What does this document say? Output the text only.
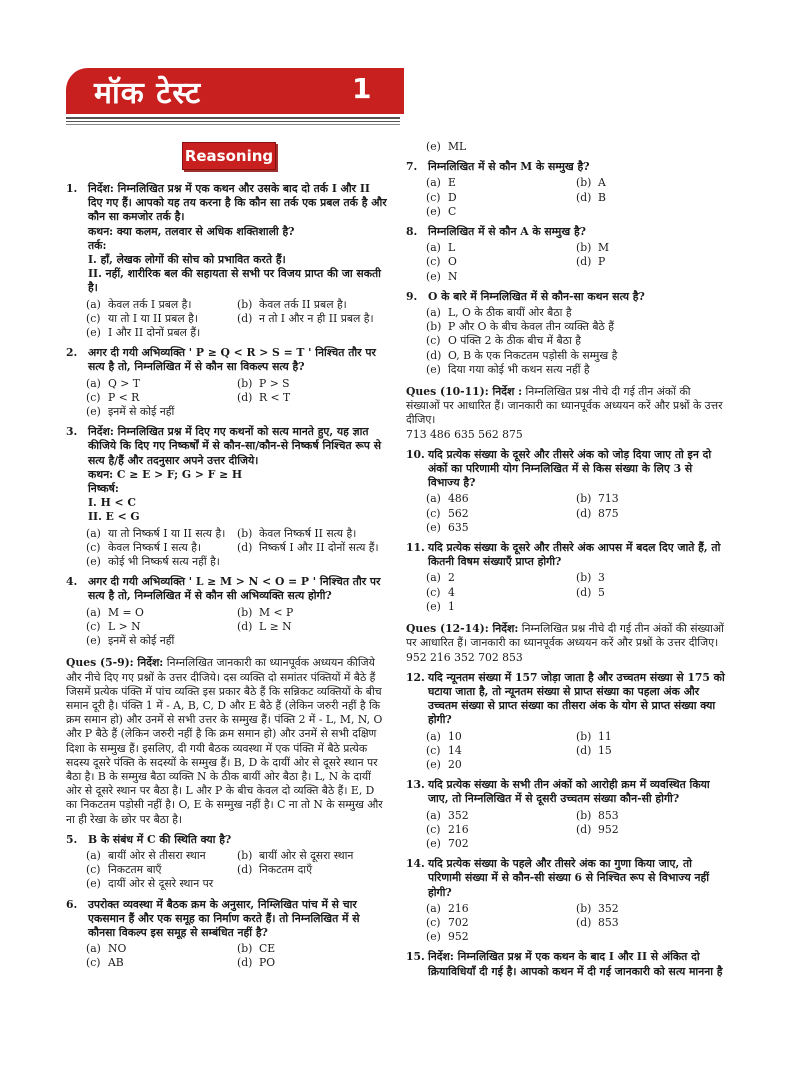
मॉक टेस्ट	1
Reasoning
1. निर्देश: निम्नलिखित प्रश्न में एक कथन और उसके बाद दो तर्क I और II दिए गए हैं। आपको यह तय करना है कि कौन सा तर्क एक प्रबल तर्क है और कौन सा कमजोर तर्क है।
कथन: क्या कलम, तलवार से अधिक शक्तिशाली है?
तर्क:
I. हाँ, लेखक लोगों की सोच को प्रभावित करते हैं।
II. नहीं, शारीरिक बल की सहायता से सभी पर विजय प्राप्त की जा सकती है।
(a) केवल तर्क I प्रबल है।	(b) केवल तर्क II प्रबल है।
(c) या तो I या II प्रबल है।	(d) न तो I और न ही II प्रबल है।
(e) I और II दोनों प्रबल हैं।
2. अगर दी गयी अभिव्यक्ति ' P ≥ Q < R > S = T ' निश्चित तौर पर सत्य है तो, निम्नलिखित में से कौन सा विकल्प सत्य है?
(a) Q > T	(b) P > S
(c) P < R	(d) R < T
(e) इनमें से कोई नहीं
3. निर्देश: निम्नलिखित प्रश्न में दिए गए कथनों को सत्य मानते हुए, यह ज्ञात कीजिये कि दिए गए निष्कर्षों में से कौन-सा/कौन-से निष्कर्ष निश्चित रूप से सत्य है/हैं और तदनुसार अपने उत्तर दीजिये।
कथन: C ≥ E > F; G > F ≥ H
निष्कर्ष:
I. H < C
II. E < G
(a) या तो निष्कर्ष I या II सत्य है। (b) केवल निष्कर्ष II सत्य है।
(c) केवल निष्कर्ष I सत्य है।	(d) निष्कर्ष I और II दोनों सत्य हैं।
(e) कोई भी निष्कर्ष सत्य नहीं है।
4. अगर दी गयी अभिव्यक्ति ' L ≥ M > N < O = P ' निश्चित तौर पर सत्य है तो, निम्नलिखित में से कौन सी अभिव्यक्ति सत्य होगी?
(a) M = O	(b) M < P
(c) L > N	(d) L ≥ N
(e) इनमें से कोई नहीं
Ques (5-9): निर्देश: निम्नलिखित जानकारी का ध्यानपूर्वक अध्ययन कीजिये और नीचे दिए गए प्रश्नों के उत्तर दीजिये। दस व्यक्ति दो समांतर पंक्तियों में बैठे हैं जिसमें प्रत्येक पंक्ति में पांच व्यक्ति इस प्रकार बैठे हैं कि सन्निकट व्यक्तियों के बीच समान दूरी है। पंक्ति 1 में - A, B, C, D और E बैठे हैं (लेकिन जरुरी नहीं है कि क्रम समान हो) और उनमें से सभी उत्तर के सम्मुख हैं। पंक्ति 2 में - L, M, N, O और P बैठे हैं (लेकिन जरुरी नहीं है कि क्रम समान हो) और उनमें से सभी दक्षिण दिशा के सम्मुख हैं। इसलिए, दी गयी बैठक व्यवस्था में एक पंक्ति में बैठे प्रत्येक सदस्य दूसरे पंक्ति के सदस्यों के सम्मुख हैं। B, D के दायीं ओर से दूसरे स्थान पर बैठा है। B के सम्मुख बैठा व्यक्ति N के ठीक बायीं ओर बैठा है। L, N के दायीं ओर से दूसरे स्थान पर बैठा है। L और P के बीच केवल दो व्यक्ति बैठे हैं। E, D का निकटतम पड़ोसी नहीं है। O, E के सम्मुख नहीं है। C ना तो N के सम्मुख और ना ही रेखा के छोर पर बैठा है।
5. B के संबंध में C की स्थिति क्या है?
(a) बायीं ओर से तीसरा स्थान	(b) बायीं ओर से दूसरा स्थान
(c) निकटतम बाएँ	(d) निकटतम दाएँ
(e) दायीं ओर से दूसरे स्थान पर
6. उपरोक्त व्यवस्था में बैठक क्रम के अनुसार, निम्लिखित पांच में से चार एकसमान हैं और एक समूह का निर्माण करते हैं। तो निम्नलिखित में से कौनसा विकल्प इस समूह से सम्बंधित नहीं है?
(a) NO	(b) CE
(c) AB	(d) PO
(e) ML
7. निम्नलिखित में से कौन M के सम्मुख है?
(a) E	(b) A
(c) D	(d) B
(e) C
8. निम्नलिखित में से कौन A के सम्मुख है?
(a) L	(b) M
(c) O	(d) P
(e) N
9. O के बारे में निम्नलिखित में से कौन-सा कथन सत्य है?
(a) L, O के ठीक बायीं ओर बैठा है
(b) P और O के बीच केवल तीन व्यक्ति बैठे हैं
(c) O पंक्ति 2 के ठीक बीच में बैठा है
(d) O, B के एक निकटतम पड़ोसी के सम्मुख है
(e) दिया गया कोई भी कथन सत्य नहीं है
Ques (10-11): निर्देश : निम्नलिखित प्रश्न नीचे दी गई तीन अंकों की संख्याओं पर आधारित हैं। जानकारी का ध्यानपूर्वक अध्ययन करें और प्रश्नों के उत्तर दीजिए।
713 486 635 562 875
10. यदि प्रत्येक संख्या के दूसरे और तीसरे अंक को जोड़ दिया जाए तो इन दो अंकों का परिणामी योग निम्नलिखित में से किस संख्या के लिए 3 से विभाज्य है?
(a) 486	(b) 713
(c) 562	(d) 875
(e) 635
11. यदि प्रत्येक संख्या के दूसरे और तीसरे अंक आपस में बदल दिए जाते हैं, तो कितनी विषम संख्याएँ प्राप्त होगी?
(a) 2	(b) 3
(c) 4	(d) 5
(e) 1
Ques (12-14): निर्देश: निम्नलिखित प्रश्न नीचे दी गई तीन अंकों की संख्याओं पर आधारित हैं। जानकारी का ध्यानपूर्वक अध्ययन करें और प्रश्नों के उत्तर दीजिए।
952 216 352 702 853
12. यदि न्यूनतम संख्या में 157 जोड़ा जाता है और उच्चतम संख्या से 175 को घटाया जाता है, तो न्यूनतम संख्या से प्राप्त संख्या का पहला अंक और उच्चतम संख्या से प्राप्त संख्या का तीसरा अंक के योग से प्राप्त संख्या क्या होगी?
(a) 10	(b) 11
(c) 14	(d) 15
(e) 20
13. यदि प्रत्येक संख्या के सभी तीन अंकों को आरोही क्रम में व्यवस्थित किया जाए, तो निम्नलिखित में से दूसरी उच्चतम संख्या कौन-सी होगी?
(a) 352	(b) 853
(c) 216	(d) 952
(e) 702
14. यदि प्रत्येक संख्या के पहले और तीसरे अंक का गुणा किया जाए, तो परिणामी संख्या में से कौन-सी संख्या 6 से निश्चित रूप से विभाज्य नहीं होगी?
(a) 216	(b) 352
(c) 702	(d) 853
(e) 952
15. निर्देश: निम्नलिखित प्रश्न में एक कथन के बाद I और II से अंकित दो क्रियाविधियाँ दी गई है। आपको कथन में दी गई जानकारी को सत्य मानना है
